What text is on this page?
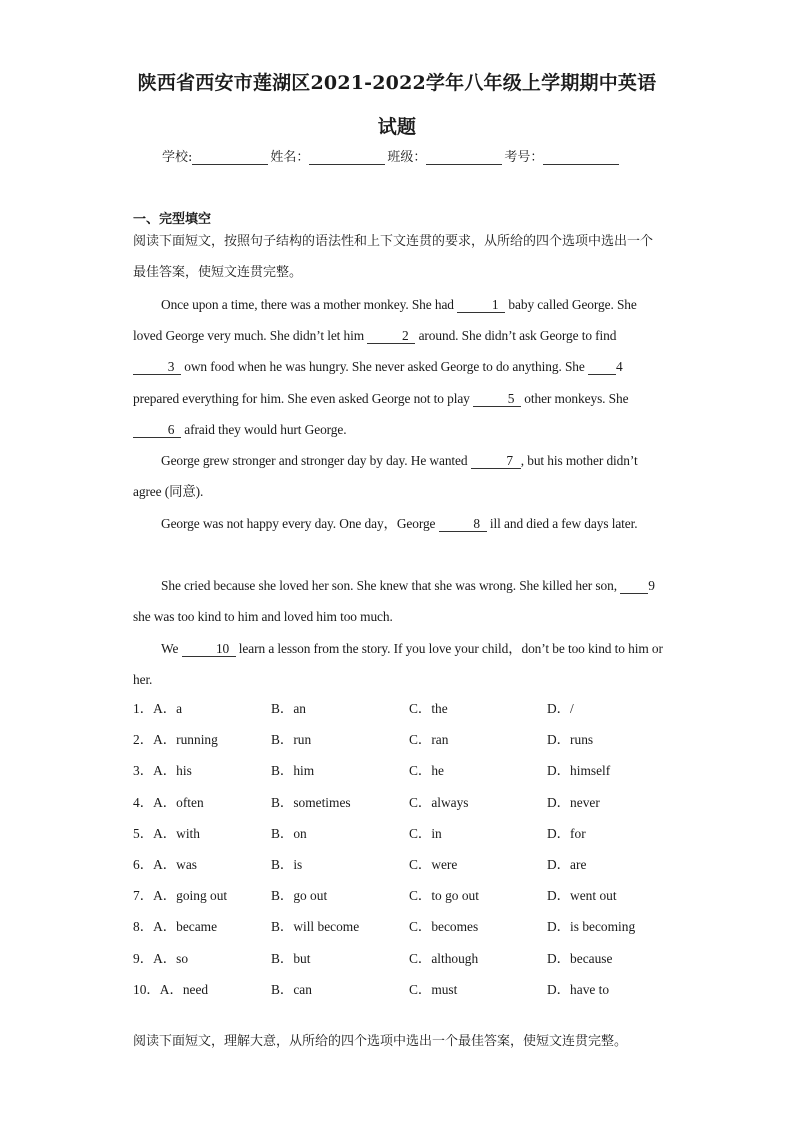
陕西省西安市莲湖区2021-2022学年八年级上学期期中英语
试题
学校:	姓名：	班级：	考号：
一、完型填空

阅读下面短文，按照句子结构的语法性和上下文连贯的要求，从所给的四个选项中选出一个最佳答案，使短文连贯完整。

Once upon a time, there was a mother monkey. She had	1 baby called George. She loved George very much. She didn’t let him	2 around. She didn’t ask George to find 3 own food when he was hungry. She never asked George to do anything. She 4 prepared everything for him. She even asked George not to play	5 other monkeys. She 6 afraid they would hurt George.

George grew stronger and stronger day by day. He wanted	7 , but his mother didn’t agree (同意).

George was not happy every day. One day，George	8 ill and died a few days later.

She cried because she loved her son. She knew that she was wrong. She killed her son, 9 she was too kind to him and loved him too much.

We	10 learn a lesson from the story. If you love your child，don’t be too kind to him or her.

1．A．a	B．an	C．the	D．/
2．A．running	B．run	C．ran	D．runs
3．A．his	B．him	C．he	D．himself
4．A．often	B．sometimes	C．always	D．never
5．A．with	B．on	C．in	D．for
6．A．was	B．is	C．were	D．are
7．A．going out	B．go out	C．to go out	D．went out
8．A．became	B．will become	C．becomes	D．is becoming
9．A．so	B．but	C．although	D．because
10．A．need	B．can	C．must	D．have to
阅读下面短文，理解大意，从所给的四个选项中选出一个最佳答案，使短文连贯完整。
